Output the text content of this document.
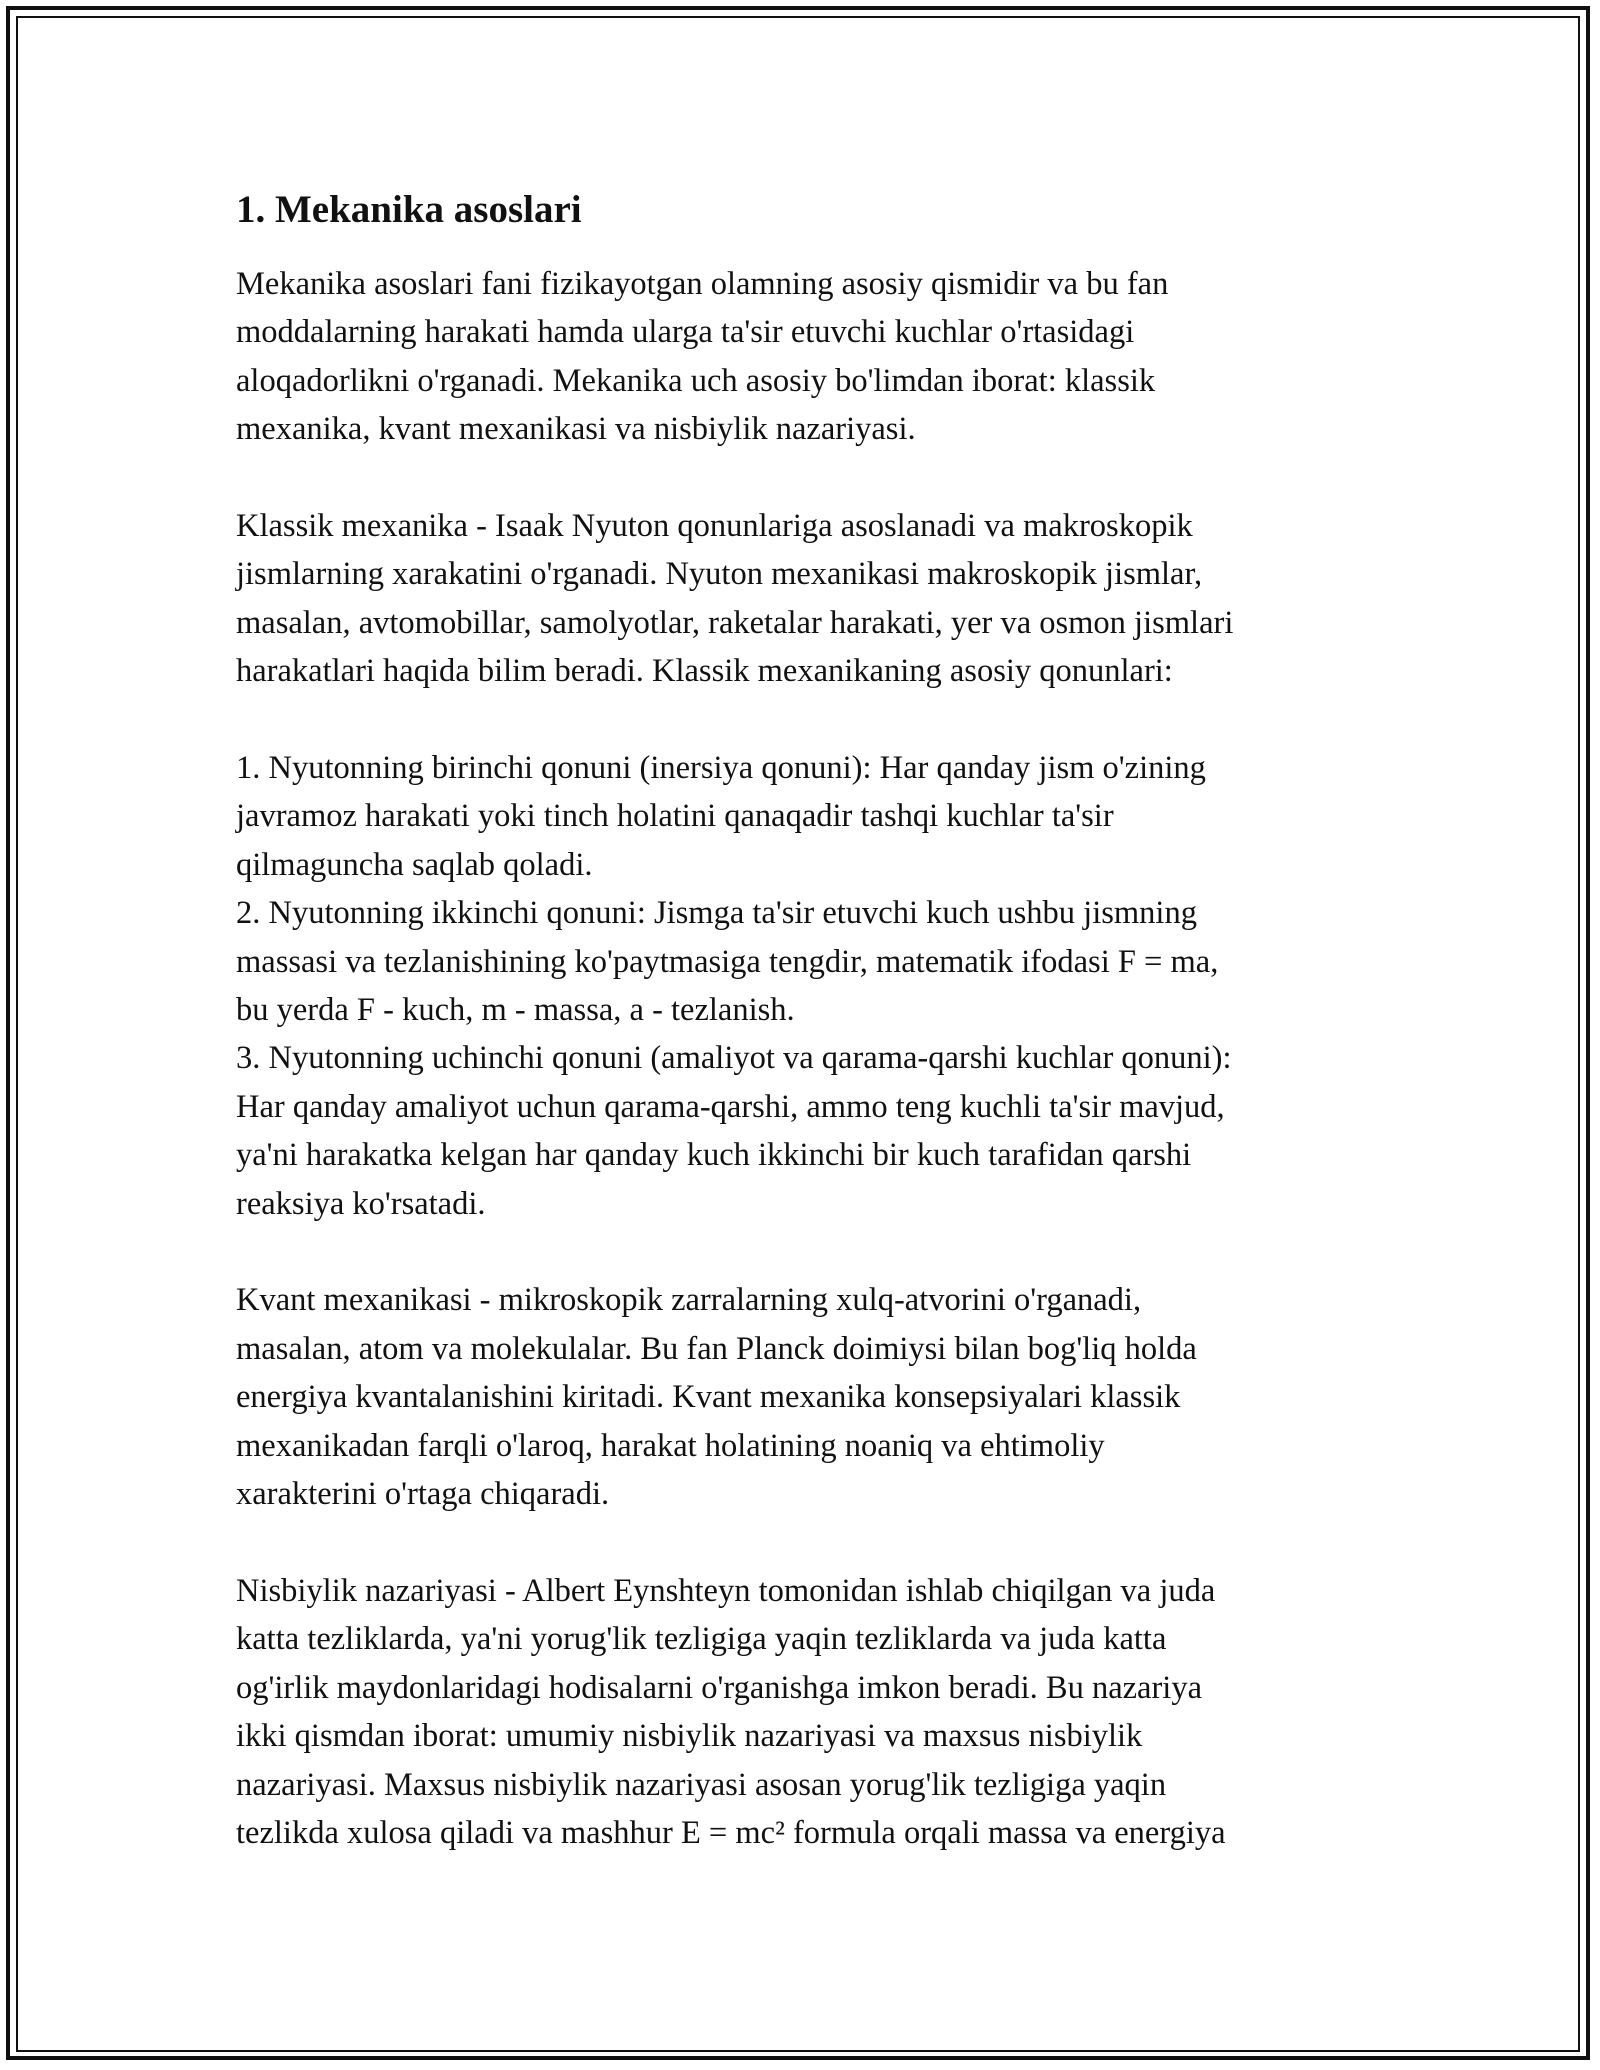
1. Mekanika asoslari

Mekanika asoslari fani fizikayotgan olamning asosiy qismidir va bu fan
moddalarning harakati hamda ularga ta'sir etuvchi kuchlar o'rtasidagi
aloqadorlikni o'rganadi. Mekanika uch asosiy bo'limdan iborat: klassik
mexanika, kvant mexanikasi va nisbiylik nazariyasi.

Klassik mexanika - Isaak Nyuton qonunlariga asoslanadi va makroskopik
jismlarning xarakatini o'rganadi. Nyuton mexanikasi makroskopik jismlar,
masalan, avtomobillar, samolyotlar, raketalar harakati, yer va osmon jismlari
harakatlari haqida bilim beradi. Klassik mexanikaning asosiy qonunlari:

1. Nyutonning birinchi qonuni (inersiya qonuni): Har qanday jism o'zining
javramoz harakati yoki tinch holatini qanaqadir tashqi kuchlar ta'sir
qilmaguncha saqlab qoladi.
2. Nyutonning ikkinchi qonuni: Jismga ta'sir etuvchi kuch ushbu jismning
massasi va tezlanishining ko'paytmasiga tengdir, matematik ifodasi F = ma,
bu yerda F - kuch, m - massa, a - tezlanish.
3. Nyutonning uchinchi qonuni (amaliyot va qarama-qarshi kuchlar qonuni):
Har qanday amaliyot uchun qarama-qarshi, ammo teng kuchli ta'sir mavjud,
ya'ni harakatka kelgan har qanday kuch ikkinchi bir kuch tarafidan qarshi
reaksiya ko'rsatadi.

Kvant mexanikasi - mikroskopik zarralarning xulq-atvorini o'rganadi,
masalan, atom va molekulalar. Bu fan Planck doimiysi bilan bog'liq holda
energiya kvantalanishini kiritadi. Kvant mexanika konsepsiyalari klassik
mexanikadan farqli o'laroq, harakat holatining noaniq va ehtimoliy
xarakterini o'rtaga chiqaradi.

Nisbiylik nazariyasi - Albert Eynshteyn tomonidan ishlab chiqilgan va juda
katta tezliklarda, ya'ni yorug'lik tezligiga yaqin tezliklarda va juda katta
og'irlik maydonlaridagi hodisalarni o'rganishga imkon beradi. Bu nazariya
ikki qismdan iborat: umumiy nisbiylik nazariyasi va maxsus nisbiylik
nazariyasi. Maxsus nisbiylik nazariyasi asosan yorug'lik tezligiga yaqin
tezlikda xulosa qiladi va mashhur E = mc² formula orqali massa va energiya
